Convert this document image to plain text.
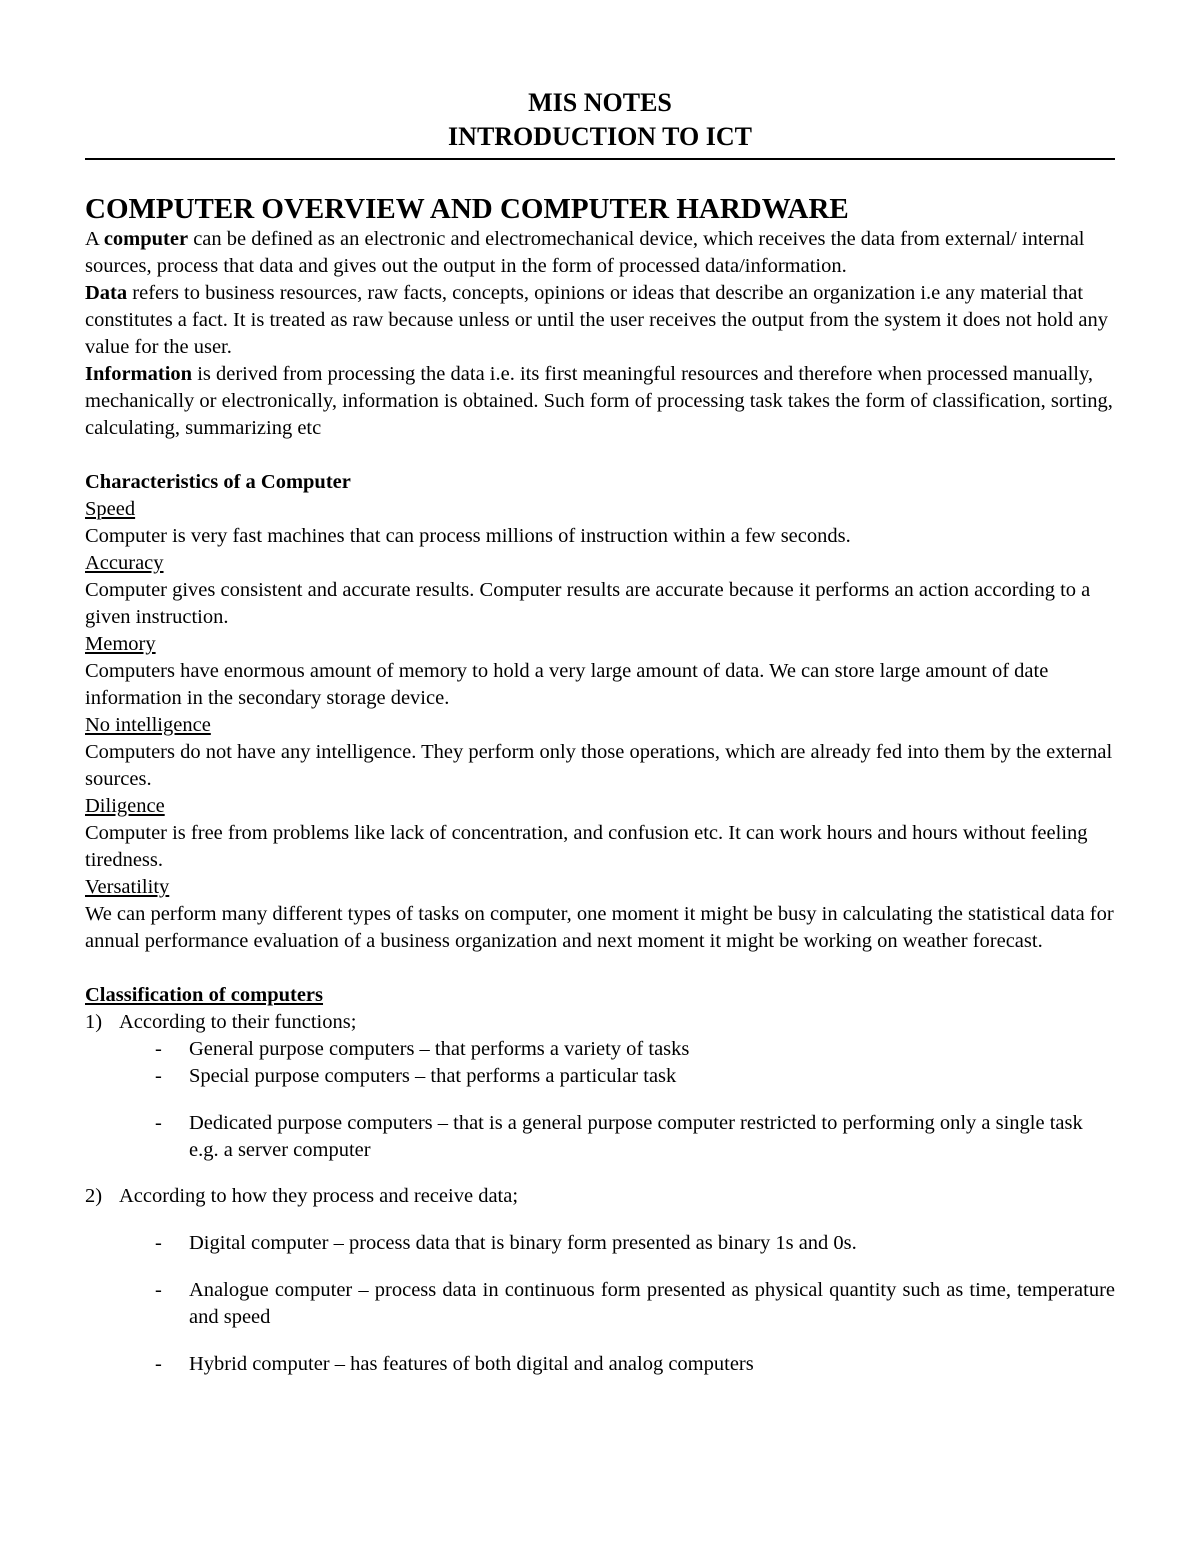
MIS NOTES
INTRODUCTION TO ICT
COMPUTER OVERVIEW AND COMPUTER HARDWARE

A computer can be defined as an electronic and electromechanical device, which receives the data from external/ internal sources, process that data and gives out the output in the form of processed data/information.

Data refers to business resources, raw facts, concepts, opinions or ideas that describe an organization i.e any material that constitutes a fact. It is treated as raw because unless or until the user receives the output from the system it does not hold any value for the user.

Information is derived from processing the data i.e. its first meaningful resources and therefore when processed manually, mechanically or electronically, information is obtained. Such form of processing task takes the form of classification, sorting, calculating, summarizing etc

Characteristics of a Computer

Speed

Computer is very fast machines that can process millions of instruction within a few seconds.

Accuracy

Computer gives consistent and accurate results. Computer results are accurate because it performs an action according to a given instruction.

Memory

Computers have enormous amount of memory to hold a very large amount of data. We can store large amount of date information in the secondary storage device.

No intelligence

Computers do not have any intelligence. They perform only those operations, which are already fed into them by the external sources.

Diligence

Computer is free from problems like lack of concentration, and confusion etc. It can work hours and hours without feeling tiredness.

Versatility

We can perform many different types of tasks on computer, one moment it might be busy in calculating the statistical data for annual performance evaluation of a business organization and next moment it might be working on weather forecast.

Classification of computers
1) According to their functions;
-	General purpose computers – that performs a variety of tasks
-	Special purpose computers – that performs a particular task
-	Dedicated purpose computers – that is a general purpose computer restricted to performing only a single task e.g. a server computer
2) According to how they process and receive data;
-	Digital computer – process data that is binary form presented as binary 1s and 0s.
-	Analogue computer – process data in continuous form presented as physical quantity such as time, temperature and speed
-	Hybrid computer – has features of both digital and analog computers
